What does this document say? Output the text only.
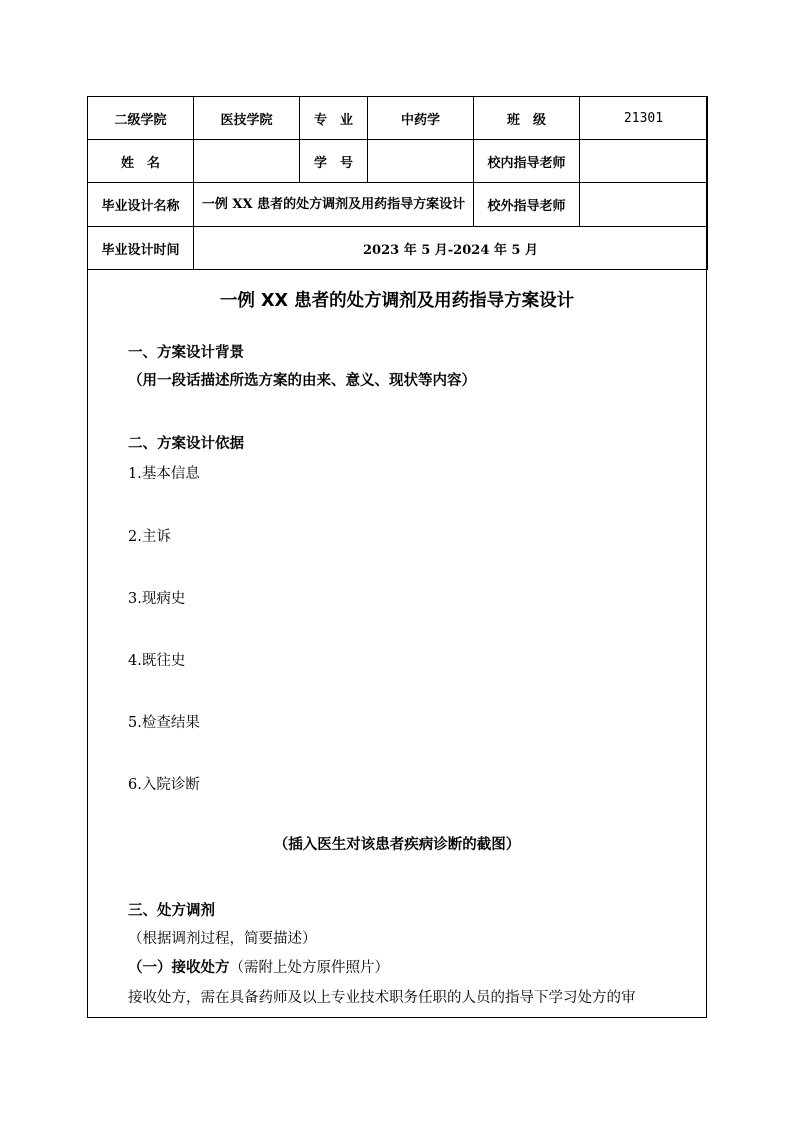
二级学院	医技学院	专　业	中药学	班　级	21301
姓　名		学　号		校内指导老师	
毕业设计名称	一例 XX 患者的处方调剂及用药指导方案设计			校外指导老师	
毕业设计时间	2023 年 5 月-2024 年 5 月				
一例 XX 患者的处方调剂及用药指导方案设计
一、方案设计背景
（用一段话描述所选方案的由来、意义、现状等内容）
二、方案设计依据
1.基本信息
2.主诉
3.现病史
4.既往史
5.检查结果
6.入院诊断
（插入医生对该患者疾病诊断的截图）
三、处方调剂
（根据调剂过程，简要描述）
（一）接收处方（需附上处方原件照片）
接收处方，需在具备药师及以上专业技术职务任职的人员的指导下学习处方的审
